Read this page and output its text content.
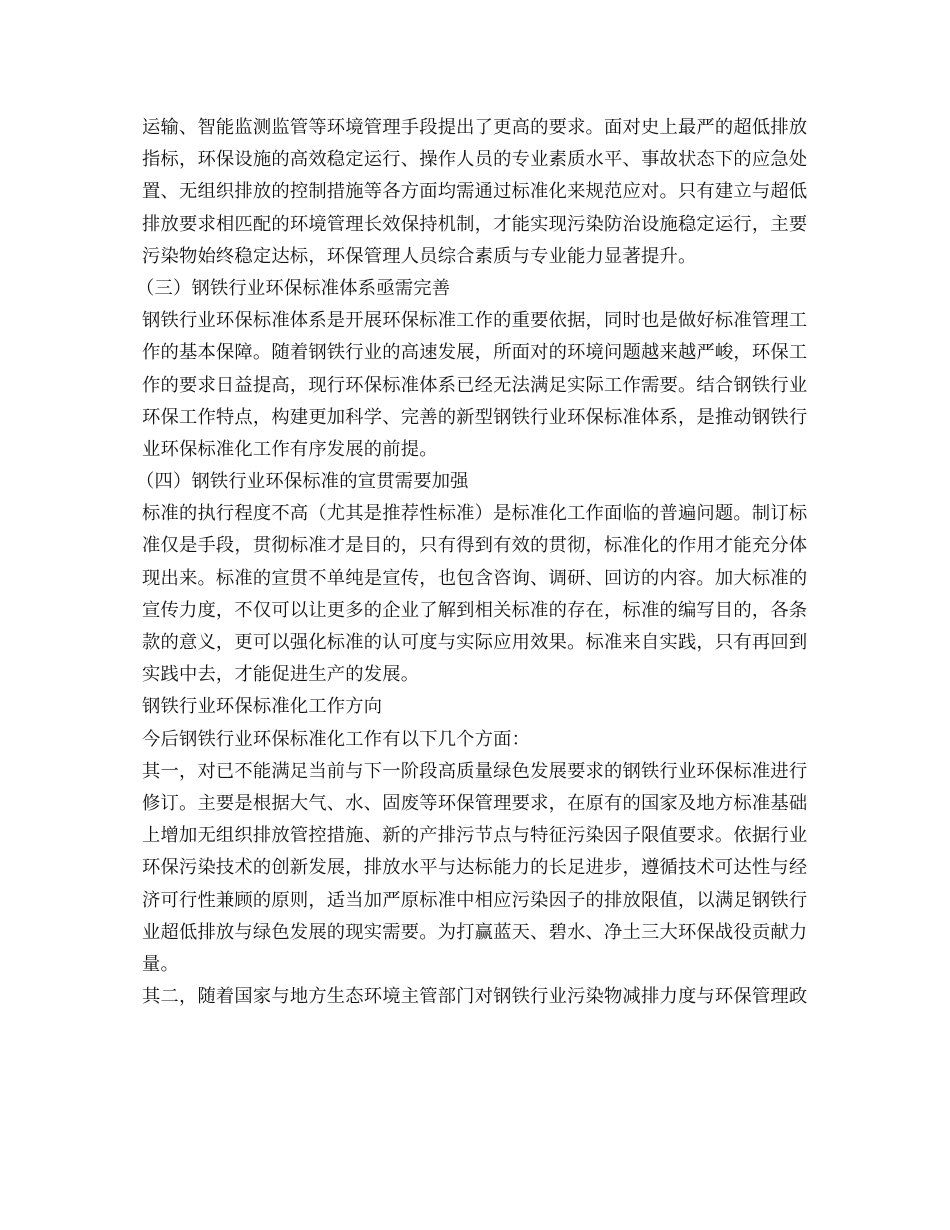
运输、智能监测监管等环境管理手段提出了更高的要求。面对史上最严的超低排放
指标，环保设施的高效稳定运行、操作人员的专业素质水平、事故状态下的应急处
置、无组织排放的控制措施等各方面均需通过标准化来规范应对。只有建立与超低
排放要求相匹配的环境管理长效保持机制，才能实现污染防治设施稳定运行，主要
污染物始终稳定达标，环保管理人员综合素质与专业能力显著提升。
（三）钢铁行业环保标准体系亟需完善
钢铁行业环保标准体系是开展环保标准工作的重要依据，同时也是做好标准管理工
作的基本保障。随着钢铁行业的高速发展，所面对的环境问题越来越严峻，环保工
作的要求日益提高，现行环保标准体系已经无法满足实际工作需要。结合钢铁行业
环保工作特点，构建更加科学、完善的新型钢铁行业环保标准体系，是推动钢铁行
业环保标准化工作有序发展的前提。
（四）钢铁行业环保标准的宣贯需要加强
标准的执行程度不高（尤其是推荐性标准）是标准化工作面临的普遍问题。制订标
准仅是手段，贯彻标准才是目的，只有得到有效的贯彻，标准化的作用才能充分体
现出来。标准的宣贯不单纯是宣传，也包含咨询、调研、回访的内容。加大标准的
宣传力度，不仅可以让更多的企业了解到相关标准的存在，标准的编写目的，各条
款的意义，更可以强化标准的认可度与实际应用效果。标准来自实践，只有再回到
实践中去，才能促进生产的发展。
钢铁行业环保标准化工作方向
今后钢铁行业环保标准化工作有以下几个方面：
其一，对已不能满足当前与下一阶段高质量绿色发展要求的钢铁行业环保标准进行
修订。主要是根据大气、水、固废等环保管理要求，在原有的国家及地方标准基础
上增加无组织排放管控措施、新的产排污节点与特征污染因子限值要求。依据行业
环保污染技术的创新发展，排放水平与达标能力的长足进步，遵循技术可达性与经
济可行性兼顾的原则，适当加严原标准中相应污染因子的排放限值，以满足钢铁行
业超低排放与绿色发展的现实需要。为打赢蓝天、碧水、净土三大环保战役贡献力
量。
其二，随着国家与地方生态环境主管部门对钢铁行业污染物减排力度与环保管理政
